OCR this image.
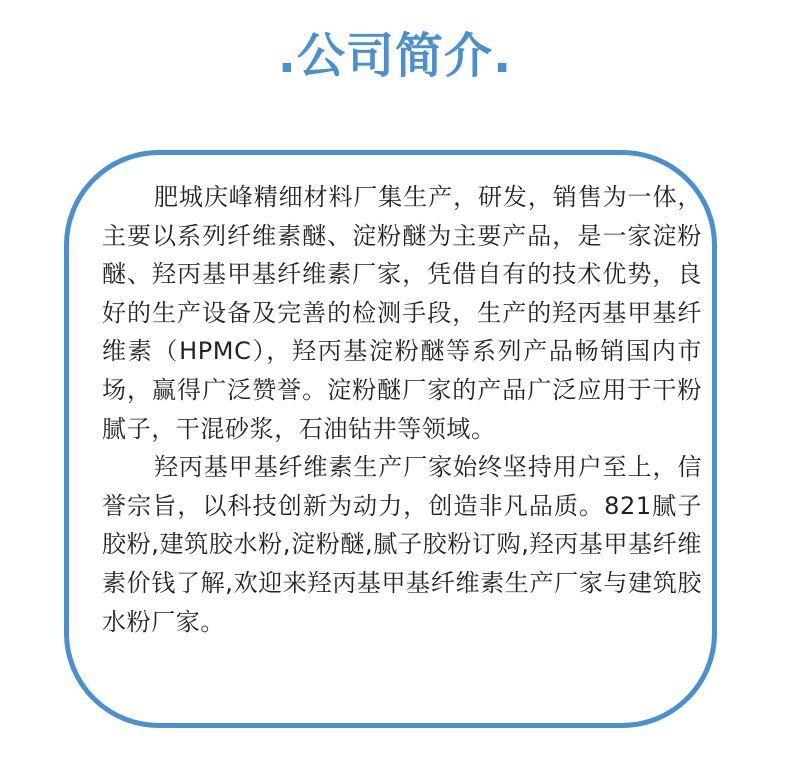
.公司简介.

肥城庆峰精细材料厂集生产，研发，销售为一体，主要以系列纤维素醚、淀粉醚为主要产品，是一家淀粉醚、羟丙基甲基纤维素厂家，凭借自有的技术优势，良好的生产设备及完善的检测手段，生产的羟丙基甲基纤维素（HPMC），羟丙基淀粉醚等系列产品畅销国内市场，赢得广泛赞誉。淀粉醚厂家的产品广泛应用于干粉腻子，干混砂浆，石油钻井等领域。

羟丙基甲基纤维素生产厂家始终坚持用户至上，信誉宗旨，以科技创新为动力，创造非凡品质。821腻子胶粉,建筑胶水粉,淀粉醚,腻子胶粉订购,羟丙基甲基纤维素价钱了解,欢迎来羟丙基甲基纤维素生产厂家与建筑胶水粉厂家。
